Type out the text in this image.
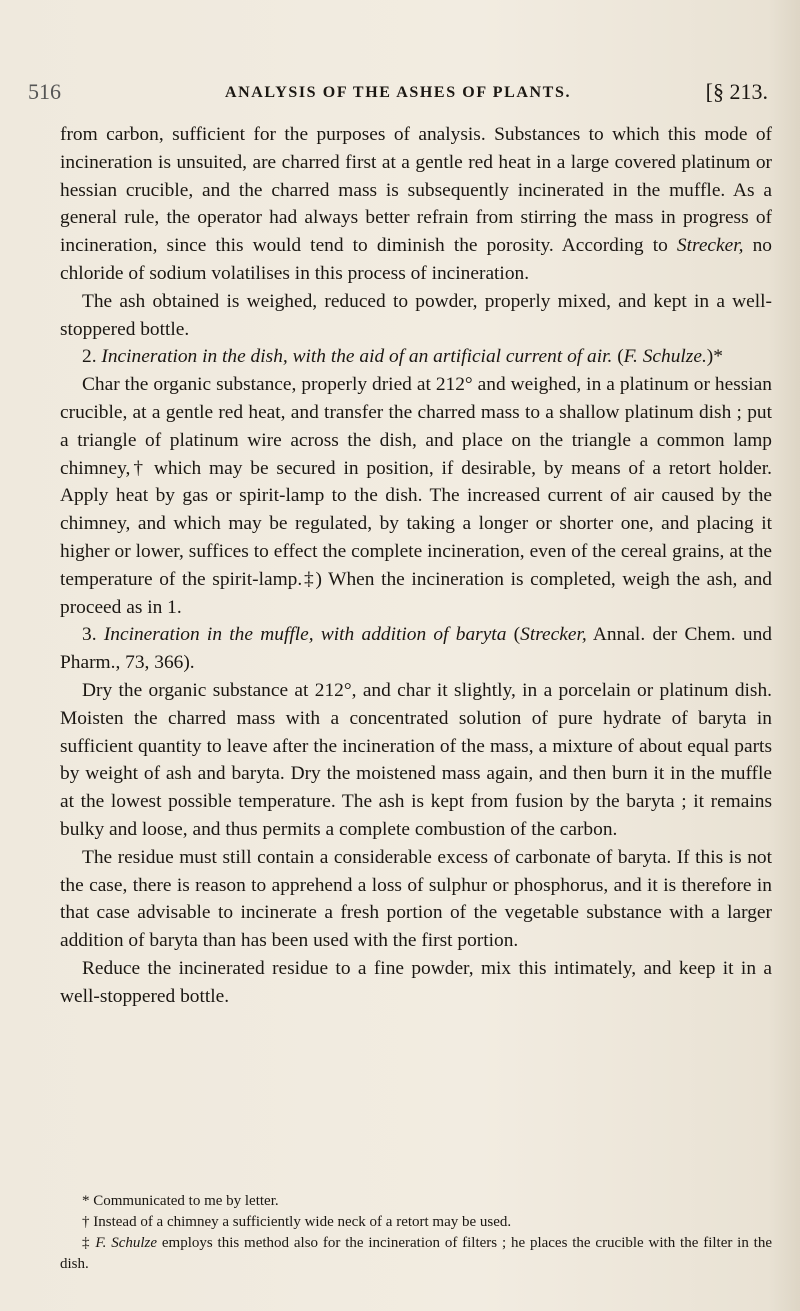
516	ANALYSIS OF THE ASHES OF PLANTS.	[§ 213.

from carbon, sufficient for the purposes of analysis. Substances to which this mode of incineration is unsuited, are charred first at a gentle red heat in a large covered platinum or hessian crucible, and the charred mass is subsequently incinerated in the muffle. As a general rule, the operator had always better refrain from stirring the mass in progress of incineration, since this would tend to diminish the porosity. According to Strecker, no chloride of sodium volatilises in this process of incineration.

The ash obtained is weighed, reduced to powder, properly mixed, and kept in a well-stoppered bottle.

2. Incineration in the dish, with the aid of an artificial current of air. (F. Schulze.)*

Char the organic substance, properly dried at 212° and weighed, in a platinum or hessian crucible, at a gentle red heat, and transfer the charred mass to a shallow platinum dish ; put a triangle of platinum wire across the dish, and place on the triangle a common lamp chimney,† which may be secured in position, if desirable, by means of a retort holder. Apply heat by gas or spirit-lamp to the dish. The increased current of air caused by the chimney, and which may be regulated, by taking a longer or shorter one, and placing it higher or lower, suffices to effect the complete incineration, even of the cereal grains, at the temperature of the spirit-lamp.‡) When the incineration is completed, weigh the ash, and proceed as in 1.

3. Incineration in the muffle, with addition of baryta (Strecker, Annal. der Chem. und Pharm., 73, 366).

Dry the organic substance at 212°, and char it slightly, in a porcelain or platinum dish. Moisten the charred mass with a concentrated solution of pure hydrate of baryta in sufficient quantity to leave after the incineration of the mass, a mixture of about equal parts by weight of ash and baryta. Dry the moistened mass again, and then burn it in the muffle at the lowest possible temperature. The ash is kept from fusion by the baryta ; it remains bulky and loose, and thus permits a complete combustion of the carbon.

The residue must still contain a considerable excess of carbonate of baryta. If this is not the case, there is reason to apprehend a loss of sulphur or phosphorus, and it is therefore in that case advisable to incinerate a fresh portion of the vegetable substance with a larger addition of baryta than has been used with the first portion.

Reduce the incinerated residue to a fine powder, mix this intimately, and keep it in a well-stoppered bottle.

* Communicated to me by letter.

† Instead of a chimney a sufficiently wide neck of a retort may be used.

‡ F. Schulze employs this method also for the incineration of filters ; he places the crucible with the filter in the dish.
